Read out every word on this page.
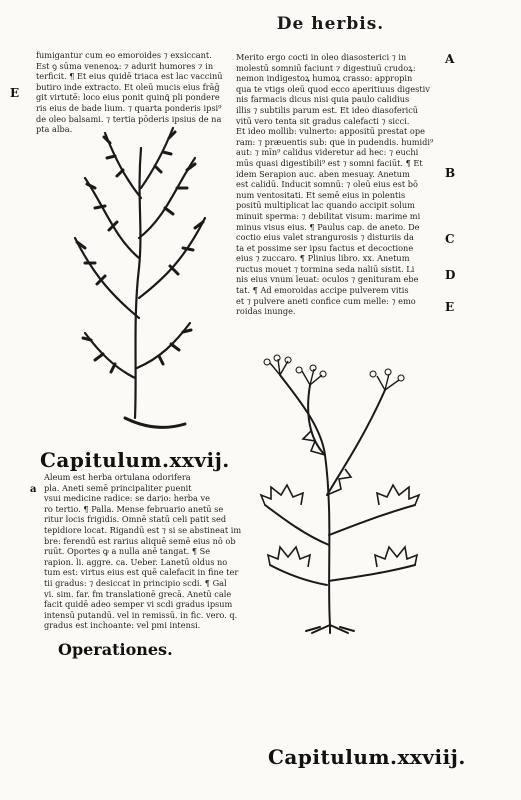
De herbis.
E
A
a
B
C
D
E

fumigantur cum eo emoroides ⁊ exsiccant.

Est ꝯ sūma venenoꝝ: ⁊ adurit humores ⁊ in

terficit. ¶ Et eius quidē triaca est lac vaccinū

butiro inde extracto. Et oleū mucis eius frāḡ

git virtutē: loco eius ponit quinꝗ̄ pli pondere

ris eius de bade lium. ⁊ quarta ponderis ipsi⁹

de oleo balsami. ⁊ tertia pōderis ipsius de na

pta alba.

Merito ergo cocti in oleo diasosterici ⁊ in

molestū somniū faciunt ⁊ digestiuū crudoꝝ:

nemon indigestoꝝ humoꝝ crasso: appropin

qua te vtigs oleū quod ecco aperitiuus digestiv

nis farmacis dicus nisi quia paulo calidius

illis ⁊ subtilis parum est. Et ideo diasofericū

vitū vero tenta sit gradus calefacti ⁊ sicci.

Et ideo mollib: vulnerto: appositū prestat ope

ram: ⁊ præuentis sub: que in pudendis. humidi⁹

aut: ⁊ mīn⁹ calidus videretur ad hec: ⁊ euchi

mūs quasi digestibili⁹ est ⁊ somni faciūt. ¶ Et

idem Serapion auc. aben mesuay. Anetum

est calidū. Inducit somnū: ⁊ oleū eius est bō

num ventositati. Et semē eius in polentis

positū multiplicat lac quando accipit solum

minuit sperma: ⁊ debilitat visum: marime mi

minus visus eius. ¶ Paulus cap. de aneto. De

coctio eius valet strangurosis ⁊ disturiis da

ta et possime ser ipsu factus et decoctione

eius ⁊ zuccaro. ¶ Plinius libro. xx. Anetum

ructus mouet ⁊ tormina seda naliū sistit. Li

nis eius vnum leuat: oculos ⁊ genituram ebe

tat. ¶ Ad emoroidas accipe pulverem vitis

et ⁊ pulvere aneti confice cum melle: ⁊ emo

roidas inunge.

Capitulum.xxvij.

Aleum est herba ortulana odorifera

pla. Aneti semē principaliter ꝑuenit

vsui medicine radice: se dario: herba ve

ro tertio. ¶ Palla. Mense februario anetū se

ritur locis frigidis. Omnē statū celi patit sed

tepidiore locat. Rigandū est ⁊ si se abstineat im

bre: ferendū est rarius aliquē semē eius nō ob

ruūt. Oportes ꝙ a nulla anē tangat. ¶ Se

rapion. li. aggre. ca. Ueber. Lanetū oldus no

tum est: virtus eius est quē calefacit in fine ter

tii gradus: ⁊ desiccat in principio scdi. ¶ Gal

vi. sim. far. fm translationē grecā. Anetū cale

facit quidē adeo semper vi scdi gradus ipsum

intensū putandū. vel in remissū. in fic. vero. q.

gradus est inchoante: vel pmi intensi.

Operationes.
Capitulum.xxviij.
